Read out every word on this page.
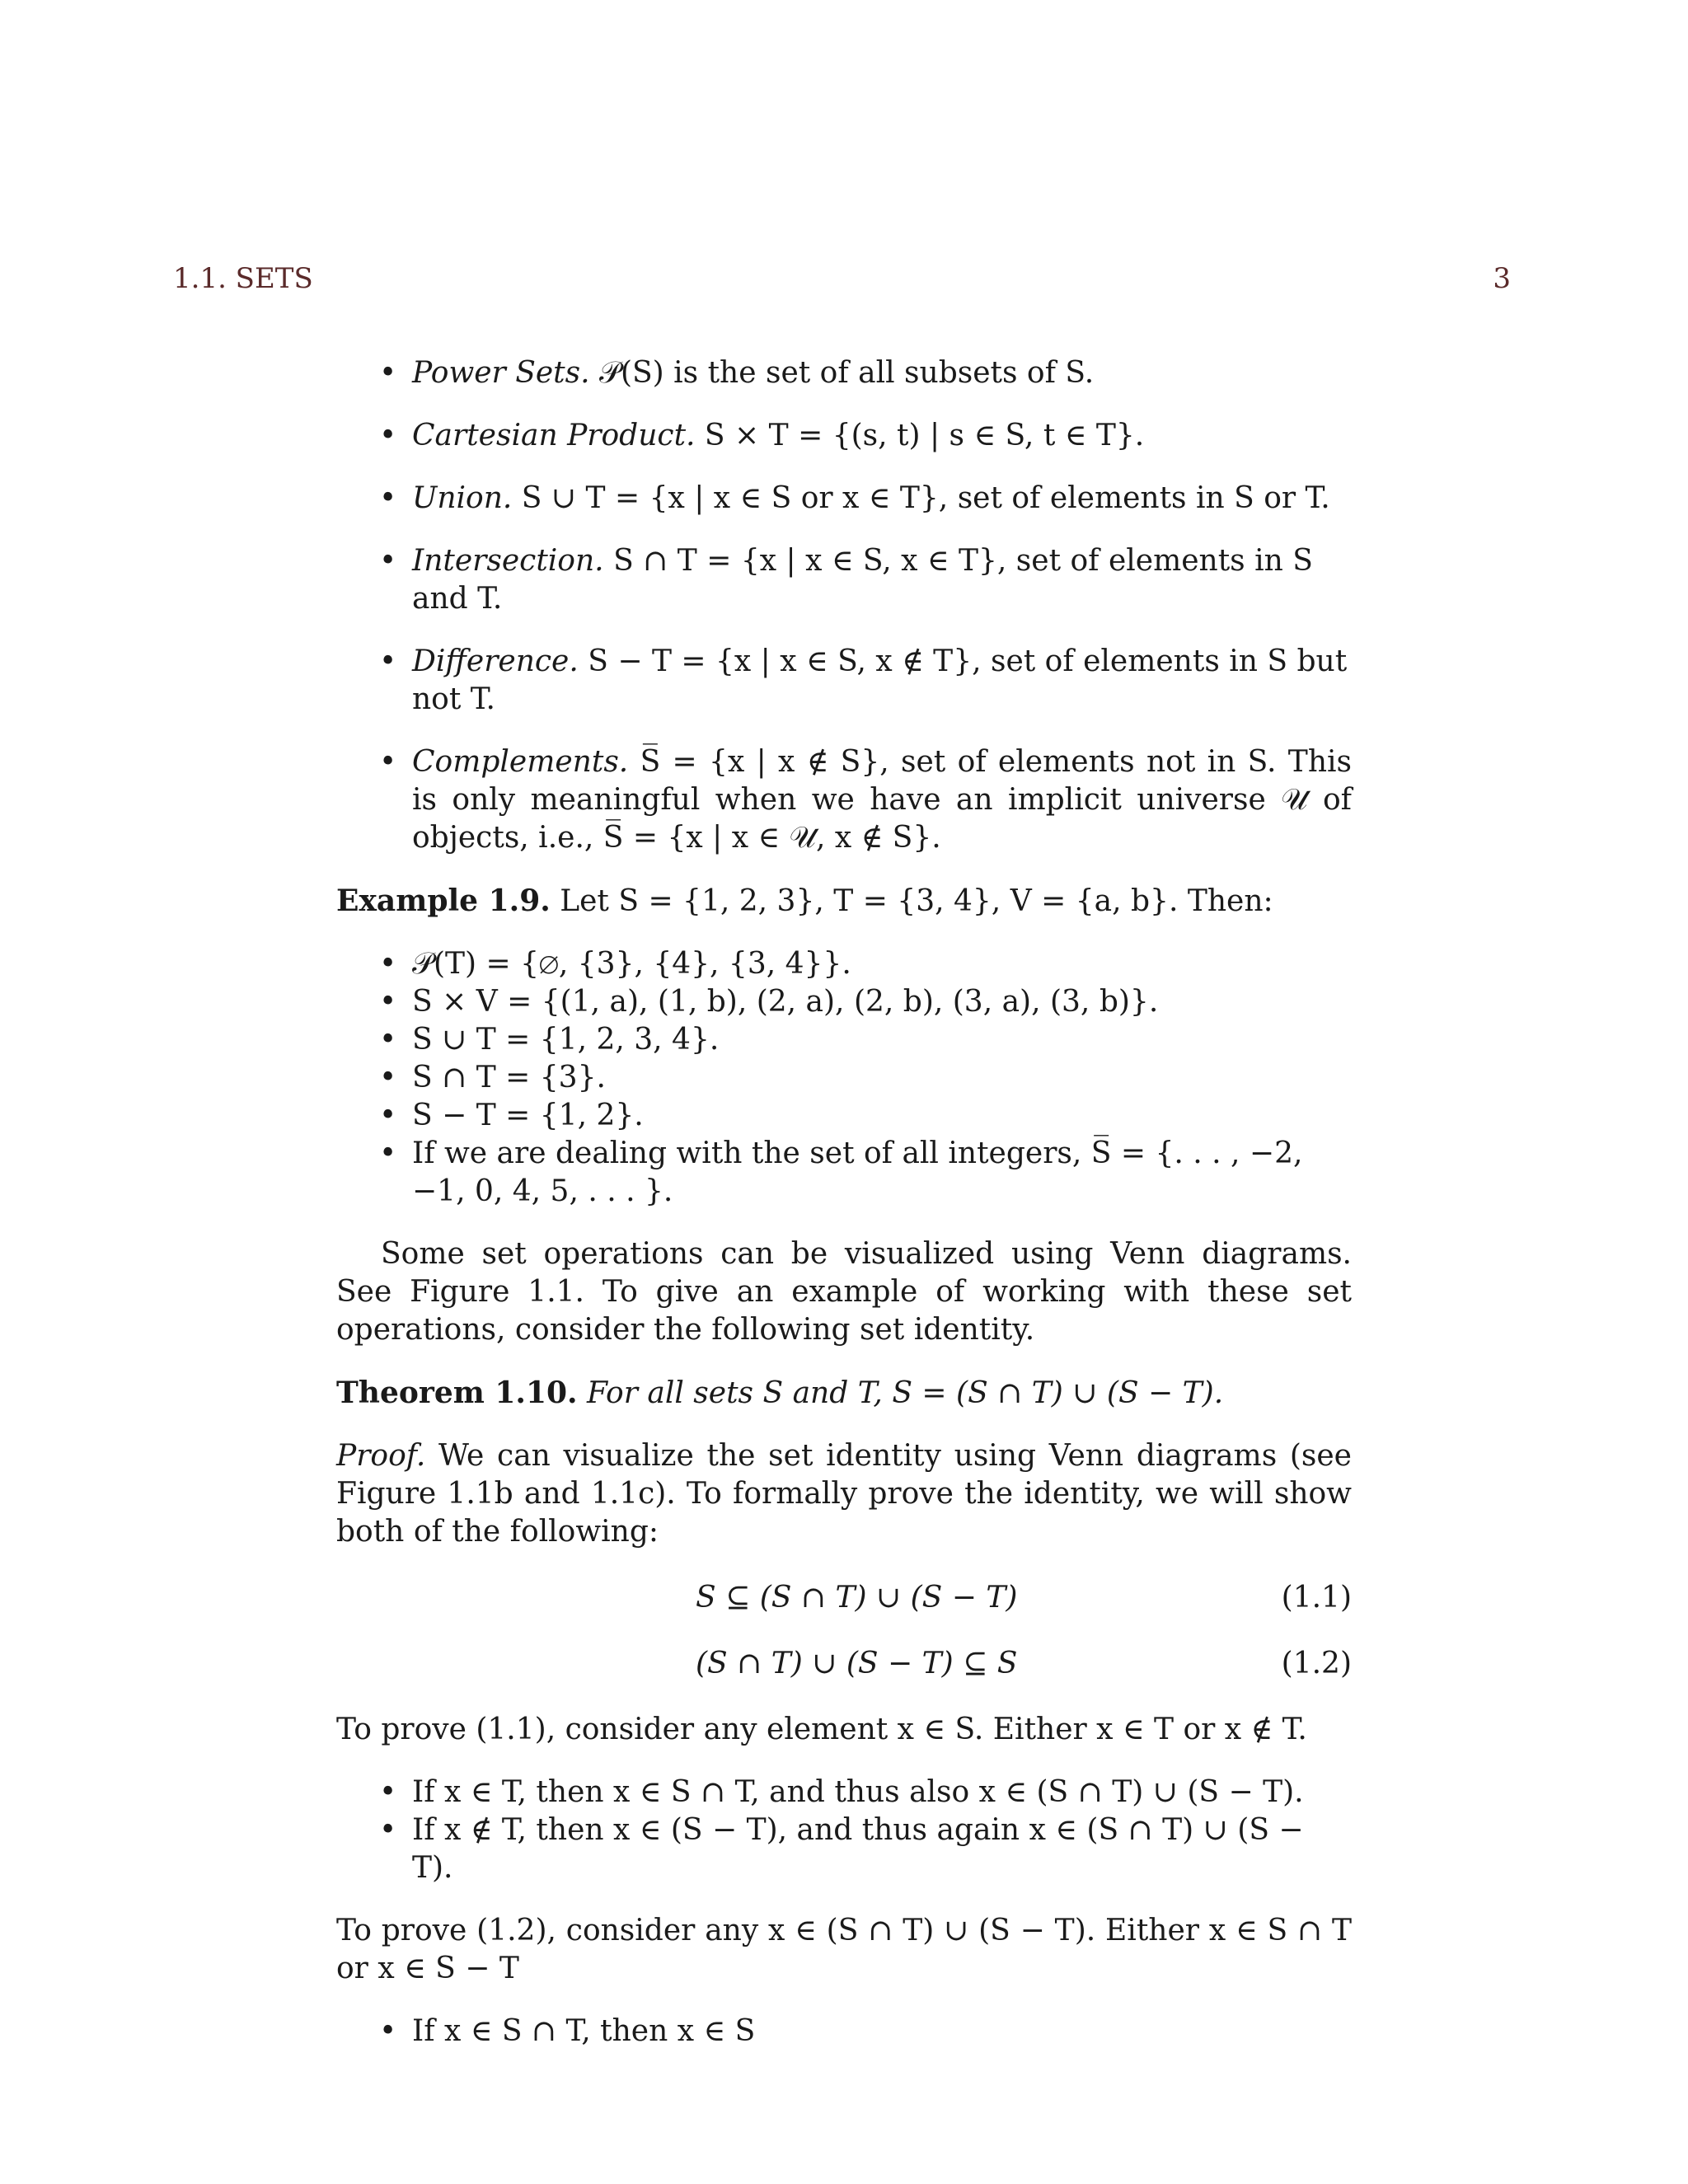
1.1. SETS	3
• Power Sets. 𝒫(S) is the set of all subsets of S.
• Cartesian Product. S × T = {(s, t) | s ∈ S, t ∈ T}.
• Union. S ∪ T = {x | x ∈ S or x ∈ T}, set of elements in S or T.
• Intersection. S ∩ T = {x | x ∈ S, x ∈ T}, set of elements in S and T.
• Difference. S − T = {x | x ∈ S, x ∉ T}, set of elements in S but not T.
• Complements. S̅ = {x | x ∉ S}, set of elements not in S. This is only meaningful when we have an implicit universe 𝒰 of objects, i.e., S̅ = {x | x ∈ 𝒰, x ∉ S}.
Example 1.9. Let S = {1, 2, 3}, T = {3, 4}, V = {a, b}. Then:
• 𝒫(T) = {∅, {3}, {4}, {3, 4}}.
• S × V = {(1, a), (1, b), (2, a), (2, b), (3, a), (3, b)}.
• S ∪ T = {1, 2, 3, 4}.
• S ∩ T = {3}.
• S − T = {1, 2}.
• If we are dealing with the set of all integers, S̅ = {. . . , −2, −1, 0, 4, 5, . . . }.

Some set operations can be visualized using Venn diagrams. See Figure 1.1. To give an example of working with these set operations, consider the following set identity.

Theorem 1.10. For all sets S and T, S = (S ∩ T) ∪ (S − T).
Proof. We can visualize the set identity using Venn diagrams (see Figure 1.1b and 1.1c). To formally prove the identity, we will show both of the following:
S ⊆ (S ∩ T) ∪ (S − T)	(1.1)
(S ∩ T) ∪ (S − T) ⊆ S	(1.2)

To prove (1.1), consider any element x ∈ S. Either x ∈ T or x ∉ T.

• If x ∈ T, then x ∈ S ∩ T, and thus also x ∈ (S ∩ T) ∪ (S − T).
• If x ∉ T, then x ∈ (S − T), and thus again x ∈ (S ∩ T) ∪ (S − T).

To prove (1.2), consider any x ∈ (S ∩ T) ∪ (S − T). Either x ∈ S ∩ T or x ∈ S − T

• If x ∈ S ∩ T, then x ∈ S
